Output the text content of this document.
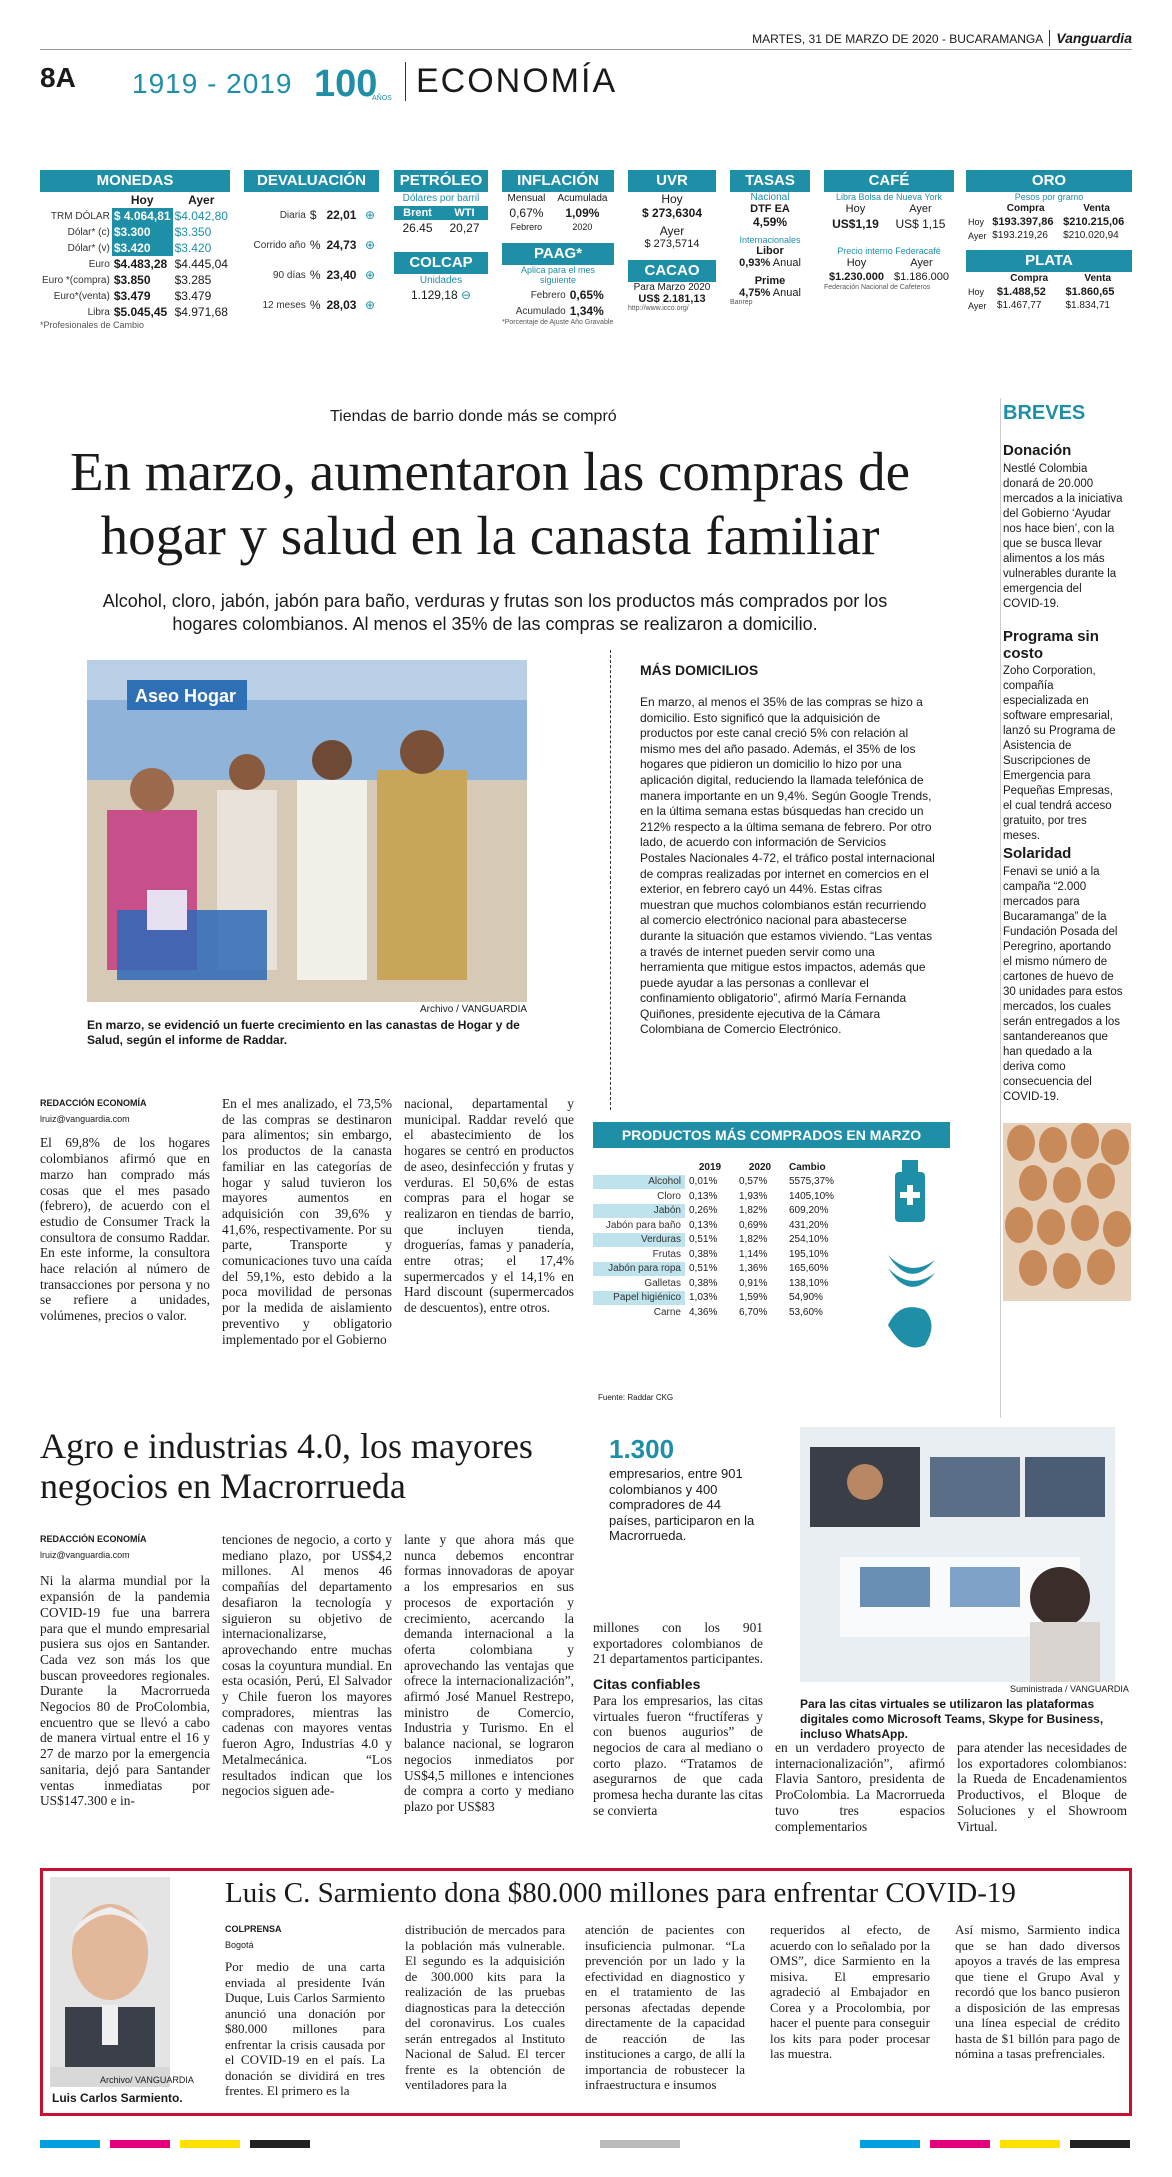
MARTES, 31 DE MARZO DE 2020 - BUCARAMANGA Vanguardia
8A 1919 - 2019 100
AÑOS ECONOMÍA
MONEDAS
	Hoy	Ayer
TRM DÓLAR	$ 4.064,81	$4.042,80
Dólar* (c)	$3.300	$3.350
Dólar* (v)	$3.420	$3.420
Euro	$4.483,28	$4.445,04
Euro *(compra)	$3.850	$3.285
Euro*(venta)	$3.479	$3.479
Libra	$5.045,45	$4.971,68
*Profesionales de Cambio
DEVALUACIÓN
Diaria	$	22,01	⊕
Corrido año	%	24,73	⊕
90 días	%	23,40	⊕
12 meses	%	28,03	⊕
PETRÓLEO
Dólares por barril
Brent	WTI
26.45	20,27
COLCAP
Unidades
1.129,18 ⊖
INFLACIÓN
Mensual	Acumulada
0,67%	1,09%
Febrero	2020
PAAG*
Aplica para el mes siguiente
Febrero	0,65%
Acumulado	1,34%
*Porcentaje de Ajuste Año Gravable
UVR
Hoy
$ 273,6304
Ayer
$ 273,5714
CACAO
Para Marzo 2020
US$ 2.181,13
http://www.icco.org/
TASAS
Nacional
DTF EA
4,59%
Internacionales
Libor
0,93% Anual
Prime
4,75% Anual
Banrep
CAFÉ
Libra Bolsa de Nueva York
Hoy	Ayer
US$1,19	US$ 1,15
Precio interno Federacafé
Hoy	Ayer
$1.230.000	$1.186.000
Federación Nacional de Cafeteros
ORO
Pesos por gramo
	Compra	Venta
Hoy	$193.397,86	$210.215,06
Ayer	$193.219,26	$210.020,94
PLATA
	Compra	Venta
Hoy	$1.488,52	$1.860,65
Ayer	$1.467,77	$1.834,71
Tiendas de barrio donde más se compró
En marzo, aumentaron las compras de hogar y salud en la canasta familiar
Alcohol, cloro, jabón, jabón para baño, verduras y frutas son los productos más comprados por los hogares colombianos. Al menos el 35% de las compras se realizaron a domicilio.
Aseo Hogar
Archivo / VANGUARDIA
En marzo, se evidenció un fuerte crecimiento en las canastas de Hogar y de Salud, según el informe de Raddar.
MÁS DOMICILIOS
En marzo, al menos el 35% de las compras se hizo a domicilio. Esto significó que la adquisición de productos por este canal creció 5% con relación al mismo mes del año pasado. Además, el 35% de los hogares que pidieron un domicilio lo hizo por una aplicación digital, reduciendo la llamada telefónica de manera importante en un 9,4%. Según Google Trends, en la última semana estas búsquedas han crecido un 212% respecto a la última semana de febrero. Por otro lado, de acuerdo con información de Servicios Postales Nacionales 4-72, el tráfico postal internacional de compras realizadas por internet en comercios en el exterior, en febrero cayó un 44%. Estas cifras muestran que muchos colombianos están recurriendo al comercio electrónico nacional para abastecerse durante la situación que estamos viviendo. “Las ventas a través de internet pueden servir como una herramienta que mitigue estos impactos, además que puede ayudar a las personas a conllevar el confinamiento obligatorio”, afirmó María Fernanda Quiñones, presidente ejecutiva de la Cámara Colombiana de Comercio Electrónico.
REDACCIÓN ECONOMÍA
lruiz@vanguardia.com
El 69,8% de los hogares colombianos afirmó que en marzo han comprado más cosas que el mes pasado (febrero), de acuerdo con el estudio de Consumer Track la consultora de consumo Raddar. En este informe, la consultora hace relación al número de transacciones por persona y no se refiere a unidades, volúmenes, precios o valor.
En el mes analizado, el 73,5% de las compras se destinaron para alimentos; sin embargo, los productos de la canasta familiar en las categorías de hogar y salud tuvieron los mayores aumentos en adquisición con 39,6% y 41,6%, respectivamente. Por su parte, Transporte y comunicaciones tuvo una caída del 59,1%, esto debido a la poca movilidad de personas por la medida de aislamiento preventivo y obligatorio implementado por el Gobierno
nacional, departamental y municipal. Raddar reveló que el abastecimiento de los hogares se centró en productos de aseo, desinfección y frutas y verduras. El 50,6% de estas compras para el hogar se realizaron en tiendas de barrio, que incluyen tienda, droguerías, famas y panadería, entre otras; el 17,4% supermercados y el 14,1% en Hard discount (supermercados de descuentos), entre otros.
PRODUCTOS MÁS COMPRADOS EN MARZO
	2019	2020	Cambio
Alcohol	0,01%	0,57%	5575,37%
Cloro	0,13%	1,93%	1405,10%
Jabón	0,26%	1,82%	609,20%
Jabón para baño	0,13%	0,69%	431,20%
Verduras	0,51%	1,82%	254,10%
Frutas	0,38%	1,14%	195,10%
Jabón para ropa	0,51%	1,36%	165,60%
Galletas	0,38%	0,91%	138,10%
Papel higiénico	1,03%	1,59%	54,90%
Carne	4,36%	6,70%	53,60%
Fuente: Raddar CKG
BREVES
Donación
Nestlé Colombia donará de 20.000 mercados a la iniciativa del Gobierno ‘Ayudar nos hace bien’, con la que se busca llevar alimentos a los más vulnerables durante la emergencia del COVID-19.
Programa sin costo
Zoho Corporation, compañía especializada en software empresarial, lanzó su Programa de Asistencia de Suscripciones de Emergencia para Pequeñas Empresas, el cual tendrá acceso gratuito, por tres meses.
Solaridad
Fenavi se unió a la campaña “2.000 mercados para Bucaramanga” de la Fundación Posada del Peregrino, aportando el mismo número de cartones de huevo de 30 unidades para estos mercados, los cuales serán entregados a los santandereanos que han quedado a la deriva como consecuencia del COVID-19.
Agro e industrias 4.0, los mayores negocios en Macrorrueda
1.300
empresarios, entre 901 colombianos y 400 compradores de 44 países, participaron en la Macrorrueda.
Suministrada / VANGUARDIA
Para las citas virtuales se utilizaron las plataformas digitales como Microsoft Teams, Skype for Business, incluso WhatsApp.
REDACCIÓN ECONOMÍA
lruiz@vanguardia.com
Ni la alarma mundial por la expansión de la pandemia COVID-19 fue una barrera para que el mundo empresarial pusiera sus ojos en Santander. Cada vez son más los que buscan proveedores regionales. Durante la Macrorrueda Negocios 80 de ProColombia, encuentro que se llevó a cabo de manera virtual entre el 16 y 27 de marzo por la emergencia sanitaria, dejó para Santander ventas inmediatas por US$147.300 e in-
tenciones de negocio, a corto y mediano plazo, por US$4,2 millones. Al menos 46 compañías del departamento desafiaron la tecnología y siguieron su objetivo de internacionalizarse, aprovechando entre muchas cosas la coyuntura mundial. En esta ocasión, Perú, El Salvador y Chile fueron los mayores compradores, mientras las cadenas con mayores ventas fueron Agro, Industrias 4.0 y Metalmecánica. “Los resultados indican que los negocios siguen ade-
lante y que ahora más que nunca debemos encontrar formas innovadoras de apoyar a los empresarios en sus procesos de exportación y crecimiento, acercando la demanda internacional a la oferta colombiana y aprovechando las ventajas que ofrece la internacionalización”, afirmó José Manuel Restrepo, ministro de Comercio, Industria y Turismo. En el balance nacional, se lograron negocios inmediatos por US$4,5 millones e intenciones de compra a corto y mediano plazo por US$83
millones con los 901 exportadores colombianos de 21 departamentos participantes.
Citas confiables
Para los empresarios, las citas virtuales fueron “fructíferas y con buenos augurios” de negocios de cara al mediano o corto plazo. “Tratamos de asegurarnos de que cada promesa hecha durante las citas se convierta
en un verdadero proyecto de internacionalización”, afirmó Flavia Santoro, presidenta de ProColombia. La Macrorrueda tuvo tres espacios complementarios
para atender las necesidades de los exportadores colombianos: la Rueda de Encadenamientos Productivos, el Bloque de Soluciones y el Showroom Virtual.
Archivo/ VANGUARDIA
Luis Carlos Sarmiento.
Luis C. Sarmiento dona $80.000 millones para enfrentar COVID-19
COLPRENSA
Bogotá
Por medio de una carta enviada al presidente Iván Duque, Luis Carlos Sarmiento anunció una donación por $80.000 millones para enfrentar la crisis causada por el COVID-19 en el país. La donación se dividirá en tres frentes. El primero es la
distribución de mercados para la población más vulnerable. El segundo es la adquisición de 300.000 kits para la realización de las pruebas diagnosticas para la detección del coronavirus. Los cuales serán entregados al Instituto Nacional de Salud. El tercer frente es la obtención de ventiladores para la
atención de pacientes con insuficiencia pulmonar. “La prevención por un lado y la efectividad en diagnostico y en el tratamiento de las personas afectadas depende directamente de la capacidad de reacción de las instituciones a cargo, de allí la importancia de robustecer la infraestructura e insumos
requeridos al efecto, de acuerdo con lo señalado por la OMS”, dice Sarmiento en la misiva. El empresario agradeció al Embajador en Corea y a Procolombia, por hacer el puente para conseguir los kits para poder procesar las muestra.
Así mismo, Sarmiento indica que se han dado diversos apoyos a través de las empresa que tiene el Grupo Aval y recordó que los banco pusieron a disposición de las empresas una línea especial de crédito hasta de $1 billón para pago de nómina a tasas prefrenciales.
